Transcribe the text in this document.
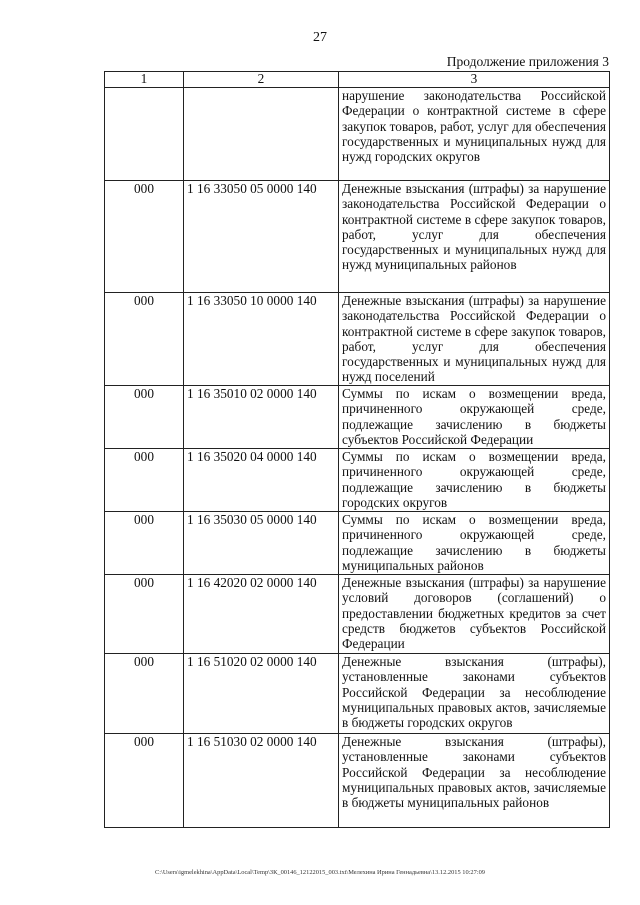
27
Продолжение приложения 3
1	2	3
		нарушение законодательства Российской Федерации о контрактной системе в сфере закупок товаров, работ, услуг для обеспечения государственных и муниципальных нужд для нужд городских округов
000	1 16 33050 05 0000 140	Денежные взыскания (штрафы) за нарушение законодательства Российской Федерации о контрактной системе в сфере закупок товаров, работ, услуг для обеспечения государственных и муниципальных нужд для нужд муниципальных районов
000	1 16 33050 10 0000 140	Денежные взыскания (штрафы) за нарушение законодательства Российской Федерации о контрактной системе в сфере закупок товаров, работ, услуг для обеспечения государственных и муниципальных нужд для нужд поселений
000	1 16 35010 02 0000 140	Суммы по искам о возмещении вреда, причиненного окружающей среде, подлежащие зачислению в бюджеты субъектов Российской Федерации
000	1 16 35020 04 0000 140	Суммы по искам о возмещении вреда, причиненного окружающей среде, подлежащие зачислению в бюджеты городских округов
000	1 16 35030 05 0000 140	Суммы по искам о возмещении вреда, причиненного окружающей среде, подлежащие зачислению в бюджеты муниципальных районов
000	1 16 42020 02 0000 140	Денежные взыскания (штрафы) за нарушение условий договоров (соглашений) о предоставлении бюджетных кредитов за счет средств бюджетов субъектов Российской Федерации
000	1 16 51020 02 0000 140	Денежные взыскания (штрафы), установленные законами субъектов Российской Федерации за несоблюдение муниципальных правовых актов, зачисляемые в бюджеты городских округов
000	1 16 51030 02 0000 140	Денежные взыскания (штрафы), установленные законами субъектов Российской Федерации за несоблюдение муниципальных правовых актов, зачисляемые в бюджеты муниципальных районов
C:\Users\igmelekhina\AppData\Local\Temp\ЗК_00146_12122015_003.txt\Мелехина Ирина Геннадьевна\13.12.2015 10:27:09
